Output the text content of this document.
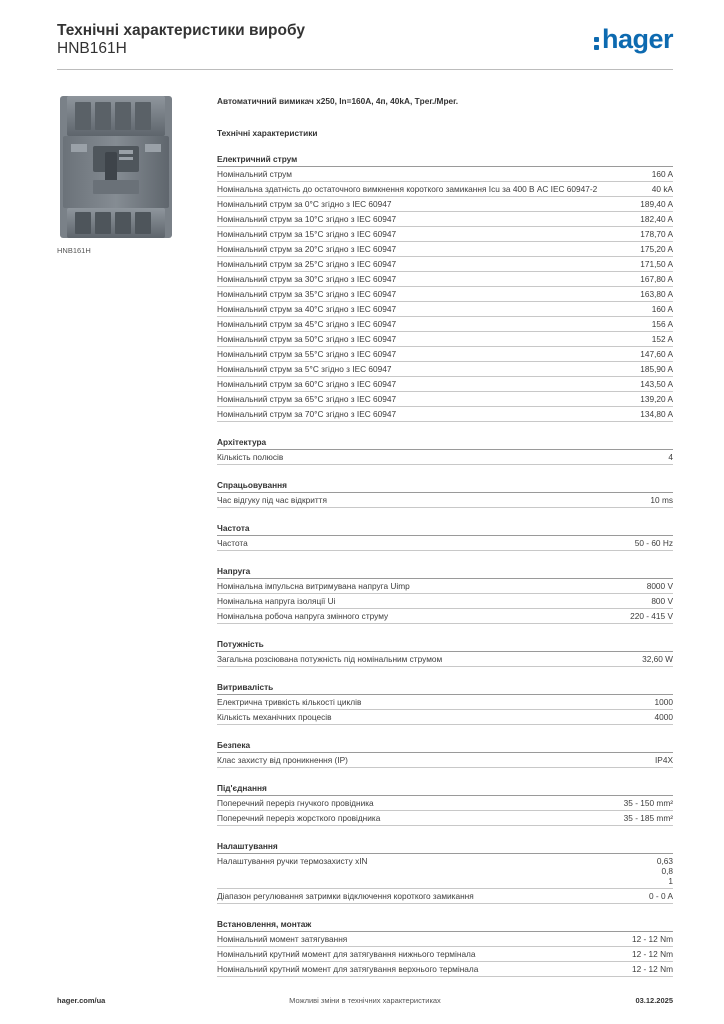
Технічні характеристики виробу
HNB161H	hager
HNB161H

Автоматичний вимикач x250, In=160A, 4п, 40kA, Tрег./Mрег.

Технічні характеристики
Електричний струм
Номінальний струм	160 A
Номінальна здатність до остаточного вимкнення короткого замикання Icu за 400 В AC IEC 60947-2	40 kA
Номінальний струм за 0°C згідно з IEC 60947	189,40 A
Номінальний струм за 10°C згідно з IEC 60947	182,40 A
Номінальний струм за 15°C згідно з IEC 60947	178,70 A
Номінальний струм за 20°C згідно з IEC 60947	175,20 A
Номінальний струм за 25°C згідно з IEC 60947	171,50 A
Номінальний струм за 30°C згідно з IEC 60947	167,80 A
Номінальний струм за 35°C згідно з IEC 60947	163,80 A
Номінальний струм за 40°C згідно з IEC 60947	160 A
Номінальний струм за 45°C згідно з IEC 60947	156 A
Номінальний струм за 50°C згідно з IEC 60947	152 A
Номінальний струм за 55°C згідно з IEC 60947	147,60 A
Номінальний струм за 5°C згідно з IEC 60947	185,90 A
Номінальний струм за 60°C згідно з IEC 60947	143,50 A
Номінальний струм за 65°C згідно з IEC 60947	139,20 A
Номінальний струм за 70°C згідно з IEC 60947	134,80 A
Архітектура
Кількість полюсів	4
Спрацьовування
Час відгуку під час відкриття	10 ms
Частота
Частота	50 - 60 Hz
Напруга
Номінальна імпульсна витримувана напруга Uimp	8000 V
Номінальна напруга ізоляції Ui	800 V
Номінальна робоча напруга змінного струму	220 - 415 V
Потужність
Загальна розсіювана потужність під номінальним струмом	32,60 W
Витривалість
Електрична тривкість кількості циклів	1000
Кількість механічних процесів	4000
Безпека
Клас захисту від проникнення (IP)	IP4X
Під'єднання
Поперечний переріз гнучкого провідника	35 - 150 mm²
Поперечний переріз жорсткого провідника	35 - 185 mm²
Налаштування
Налаштування ручки термозахисту xIN	0,63
0,8
1
Діапазон регулювання затримки відключення короткого замикання	0 - 0 A
Встановлення, монтаж
Номінальний момент затягування	12 - 12 Nm
Номінальний крутний момент для затягування нижнього термінала	12 - 12 Nm
Номінальний крутний момент для затягування верхнього термінала	12 - 12 Nm
hager.com/ua	Можливі зміни в технічних характеристиках	03.12.2025
